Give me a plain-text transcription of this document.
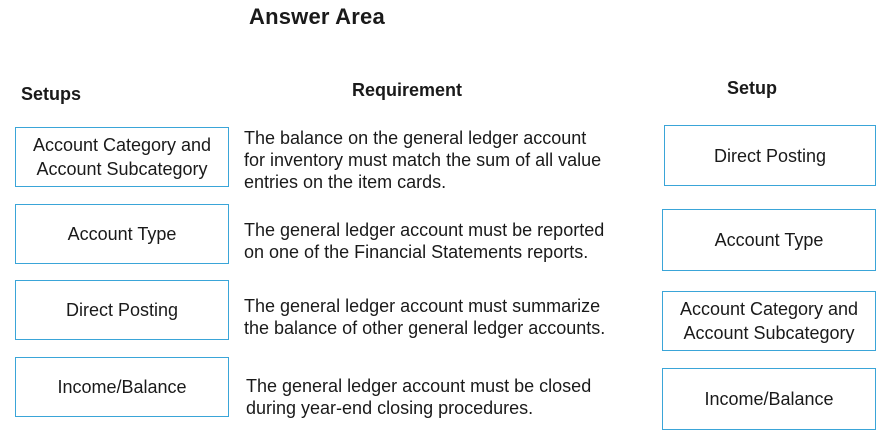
Answer Area
Setups	Requirement	Setup
Account Category and
Account Subcategory
Account Type
Direct Posting
Income/Balance
The balance on the general ledger account
for inventory must match the sum of all value
entries on the item cards.
The general ledger account must be reported
on one of the Financial Statements reports.
The general ledger account must summarize
the balance of other general ledger accounts.
The general ledger account must be closed
during year-end closing procedures.
Direct Posting
Account Type
Account Category and
Account Subcategory
Income/Balance
